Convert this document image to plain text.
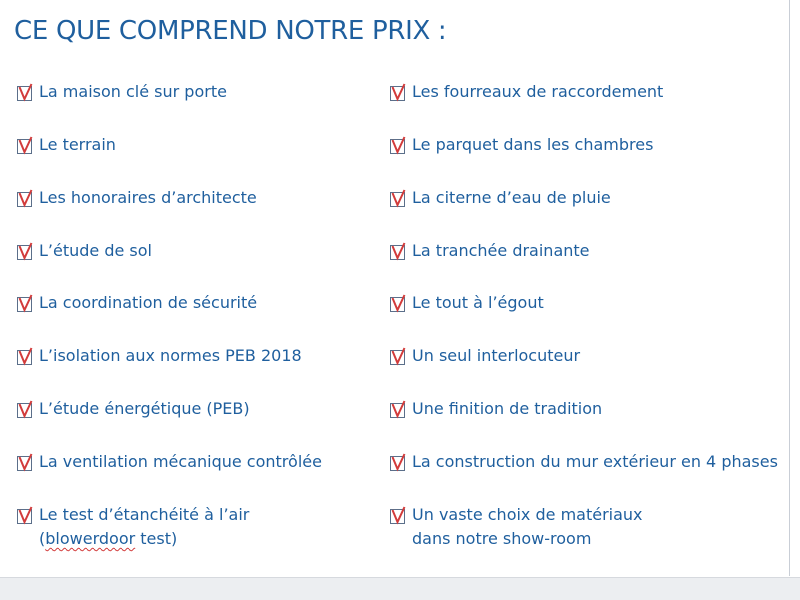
CE QUE COMPREND NOTRE PRIX :
La maison clé sur porte
Le terrain
Les honoraires d’architecte
L’étude de sol
La coordination de sécurité
L’isolation aux normes PEB 2018
L’étude énergétique (PEB)
La ventilation mécanique contrôlée
Le test d’étanchéité à l’air
(blowerdoor test)
Les fourreaux de raccordement
Le parquet dans les chambres
La citerne d’eau de pluie
La tranchée drainante
Le tout à l’égout
Un seul interlocuteur
Une finition de tradition
La construction du mur extérieur en 4 phases
Un vaste choix de matériaux
dans notre show-room
